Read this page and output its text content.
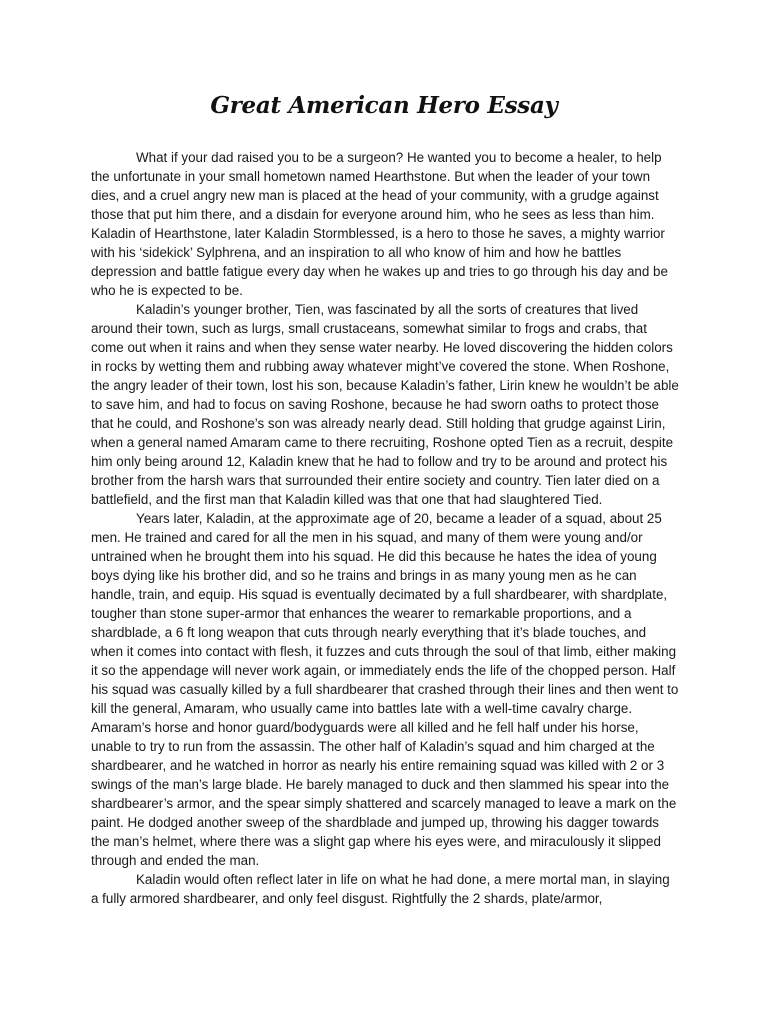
Great American Hero Essay

What if your dad raised you to be a surgeon? He wanted you to become a healer, to help the unfortunate in your small hometown named Hearthstone. But when the leader of your town dies, and a cruel angry new man is placed at the head of your community, with a grudge against those that put him there, and a disdain for everyone around him, who he sees as less than him. Kaladin of Hearthstone, later Kaladin Stormblessed, is a hero to those he saves, a mighty warrior with his ‘sidekick’ Sylphrena, and an inspiration to all who know of him and how he battles depression and battle fatigue every day when he wakes up and tries to go through his day and be who he is expected to be.

Kaladin’s younger brother, Tien, was fascinated by all the sorts of creatures that lived around their town, such as lurgs, small crustaceans, somewhat similar to frogs and crabs, that come out when it rains and when they sense water nearby. He loved discovering the hidden colors in rocks by wetting them and rubbing away whatever might’ve covered the stone. When Roshone, the angry leader of their town, lost his son, because Kaladin’s father, Lirin knew he wouldn’t be able to save him, and had to focus on saving Roshone, because he had sworn oaths to protect those that he could, and Roshone’s son was already nearly dead. Still holding that grudge against Lirin, when a general named Amaram came to there recruiting, Roshone opted Tien as a recruit, despite him only being around 12, Kaladin knew that he had to follow and try to be around and protect his brother from the harsh wars that surrounded their entire society and country. Tien later died on a battlefield, and the first man that Kaladin killed was that one that had slaughtered Tied.

Years later, Kaladin, at the approximate age of 20, became a leader of a squad, about 25 men. He trained and cared for all the men in his squad, and many of them were young and/or untrained when he brought them into his squad. He did this because he hates the idea of young boys dying like his brother did, and so he trains and brings in as many young men as he can handle, train, and equip. His squad is eventually decimated by a full shardbearer, with shardplate, tougher than stone super-armor that enhances the wearer to remarkable proportions, and a shardblade, a 6 ft long weapon that cuts through nearly everything that it’s blade touches, and when it comes into contact with flesh, it fuzzes and cuts through the soul of that limb, either making it so the appendage will never work again, or immediately ends the life of the chopped person. Half his squad was casually killed by a full shardbearer that crashed through their lines and then went to kill the general, Amaram, who usually came into battles late with a well-time cavalry charge. Amaram’s horse and honor guard/bodyguards were all killed and he fell half under his horse, unable to try to run from the assassin. The other half of Kaladin’s squad and him charged at the shardbearer, and he watched in horror as nearly his entire remaining squad was killed with 2 or 3 swings of the man’s large blade. He barely managed to duck and then slammed his spear into the shardbearer’s armor, and the spear simply shattered and scarcely managed to leave a mark on the paint. He dodged another sweep of the shardblade and jumped up, throwing his dagger towards the man’s helmet, where there was a slight gap where his eyes were, and miraculously it slipped through and ended the man.

Kaladin would often reflect later in life on what he had done, a mere mortal man, in slaying a fully armored shardbearer, and only feel disgust. Rightfully the 2 shards, plate/armor,
